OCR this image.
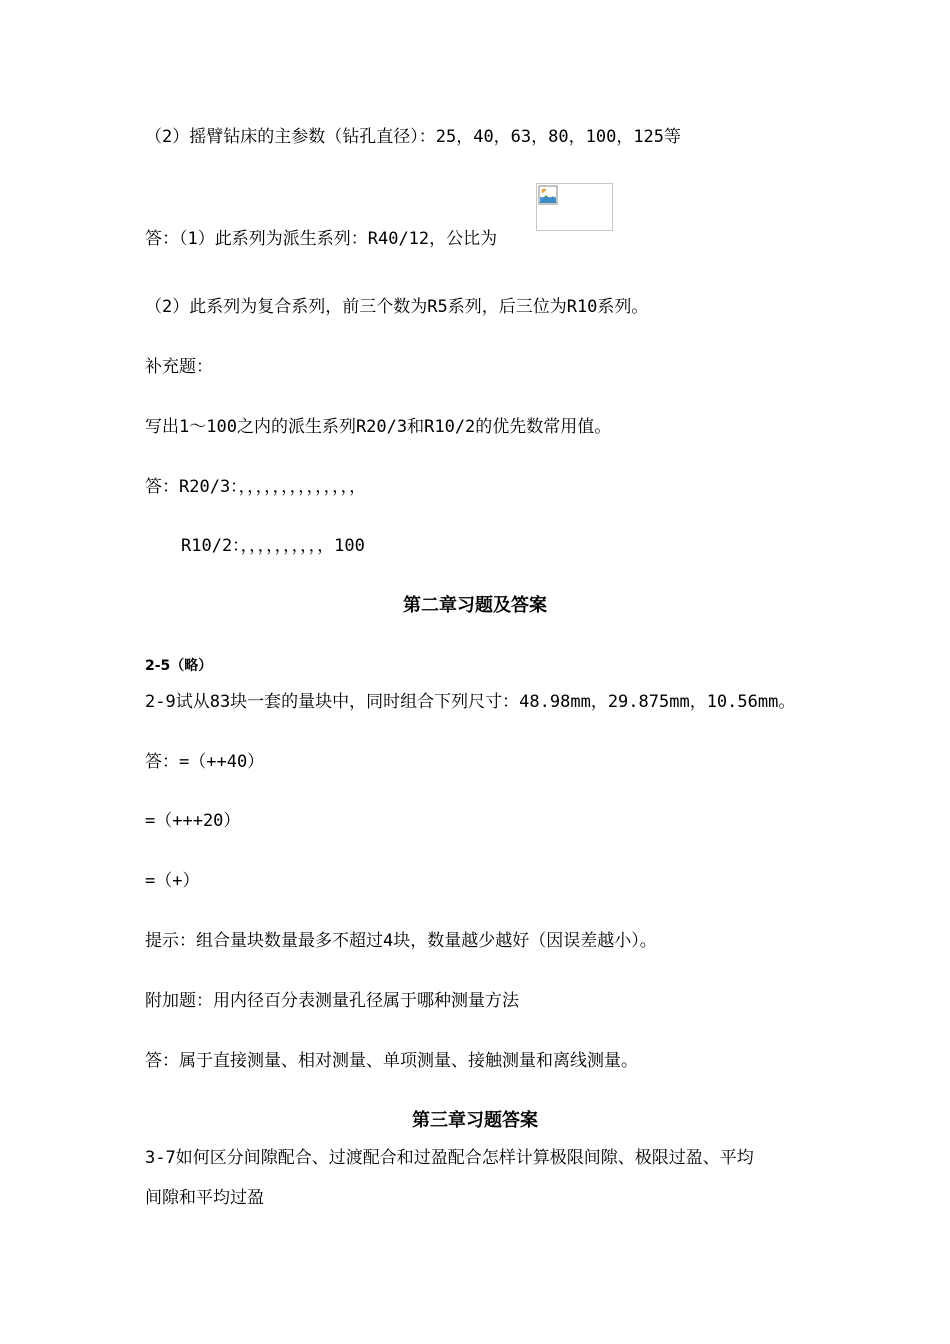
（2）摇臂钻床的主参数（钻孔直径）：25，40，63，80，100，125等
答：（1）此系列为派生系列：R40/12，公比为
（2）此系列为复合系列，前三个数为R5系列，后三位为R10系列。
补充题：
写出1～100之内的派生系列R20/3和R10/2的优先数常用值。
答：R20/3：，，，，，，，，，，，，，，
R10/2：，，，，，，，，，，100
第二章习题及答案
2-5（略）
2-9试从83块一套的量块中，同时组合下列尺寸：48.98mm，29.875mm，10.56mm。
答：=（++40）
=（+++20）
=（+）
提示：组合量块数量最多不超过4块，数量越少越好（因误差越小）。
附加题：用内径百分表测量孔径属于哪种测量方法
答：属于直接测量、相对测量、单项测量、接触测量和离线测量。
第三章习题答案
3-7如何区分间隙配合、过渡配合和过盈配合怎样计算极限间隙、极限过盈、平均
间隙和平均过盈
